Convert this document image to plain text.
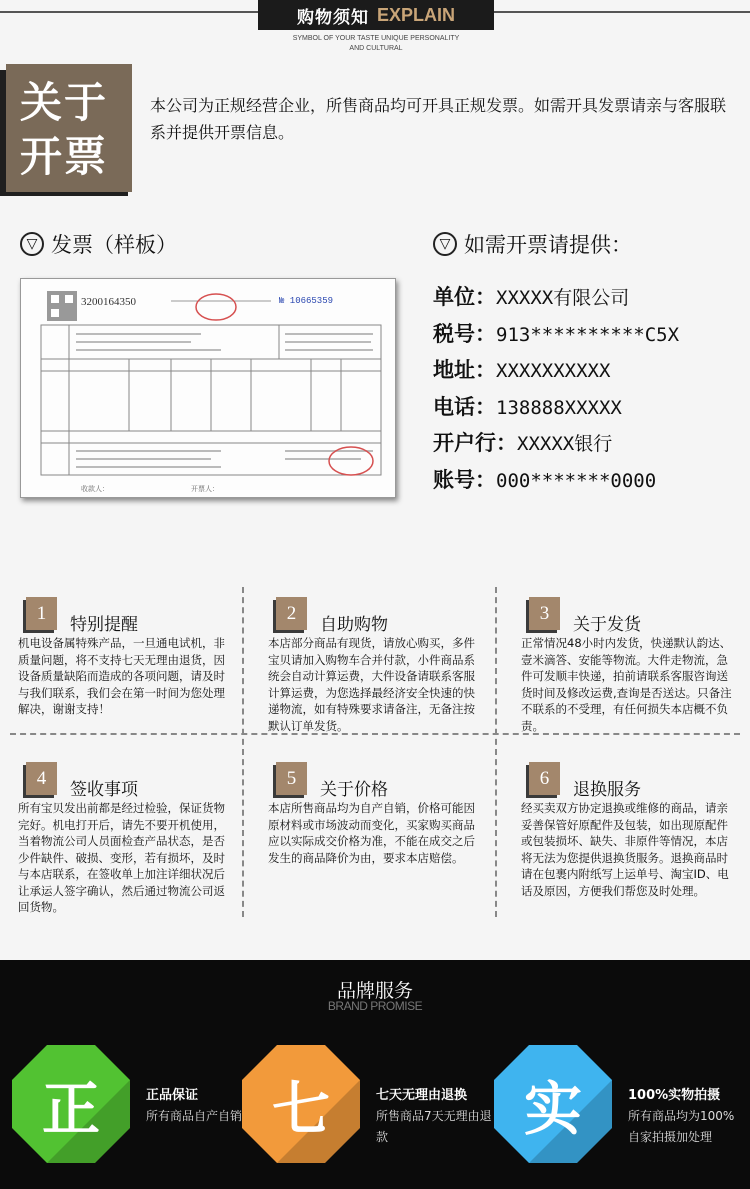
购物须知 EXPLAIN
SYMBOL OF YOUR TASTE UNIQUE PERSONALITY
AND CULTURAL
关于
开票
本公司为正规经营企业，所售商品均可开具正规发票。如需开具发票请亲与客服联系并提供开票信息。
▽ 发票（样板）	▽ 如需开票请提供：
3200164350	№ 10665359
收款人：	开票人：
单位：XXXXX有限公司
税号：913**********C5X
地址：XXXXXXXXXX
电话：138888XXXXX
开户行：XXXXX银行
账号：000*******0000
1
特别提醒
机电设备属特殊产品，一旦通电试机，非质量问题，将不支持七天无理由退货，因设备质量缺陷而造成的各项问题，请及时与我们联系，我们会在第一时间为您处理解决，谢谢支持！
2
自助购物
本店部分商品有现货，请放心购买，多件宝贝请加入购物车合并付款，小件商品系统会自动计算运费，大件设备请联系客服计算运费，为您选择最经济安全快速的快递物流，如有特殊要求请备注，无备注按默认订单发货。
3
关于发货
正常情况48小时内发货，快递默认韵达、壹米滴答、安能等物流。大件走物流，急件可发顺丰快递，拍前请联系客服咨询送货时间及修改运费,查询是否送达。只备注不联系的不受理，有任何损失本店概不负责。
4
签收事项
所有宝贝发出前都是经过检验，保证货物完好。机电打开后，请先不要开机使用，当着物流公司人员面检查产品状态，是否少件缺件、破损、变形，若有损坏，及时与本店联系，在签收单上加注详细状况后让承运人签字确认，然后通过物流公司返回货物。
5
关于价格
本店所售商品均为自产自销，价格可能因原材料或市场波动而变化，买家购买商品应以实际成交价格为准，不能在成交之后发生的商品降价为由，要求本店赔偿。
6
退换服务
经买卖双方协定退换或维修的商品，请亲妥善保管好原配件及包装，如出现原配件或包装损坏、缺失、非原件等情况，本店将无法为您提供退换货服务。退换商品时请在包裹内附纸写上运单号、淘宝ID、电话及原因，方便我们帮您及时处理。
品牌服务
BRAND PROMISE
正	正品保证
所有商品自产自销 七	七天无理由退换
所售商品7天无理由退款	实	100%实物拍摄
所有商品均为100%自家拍摄加处理
